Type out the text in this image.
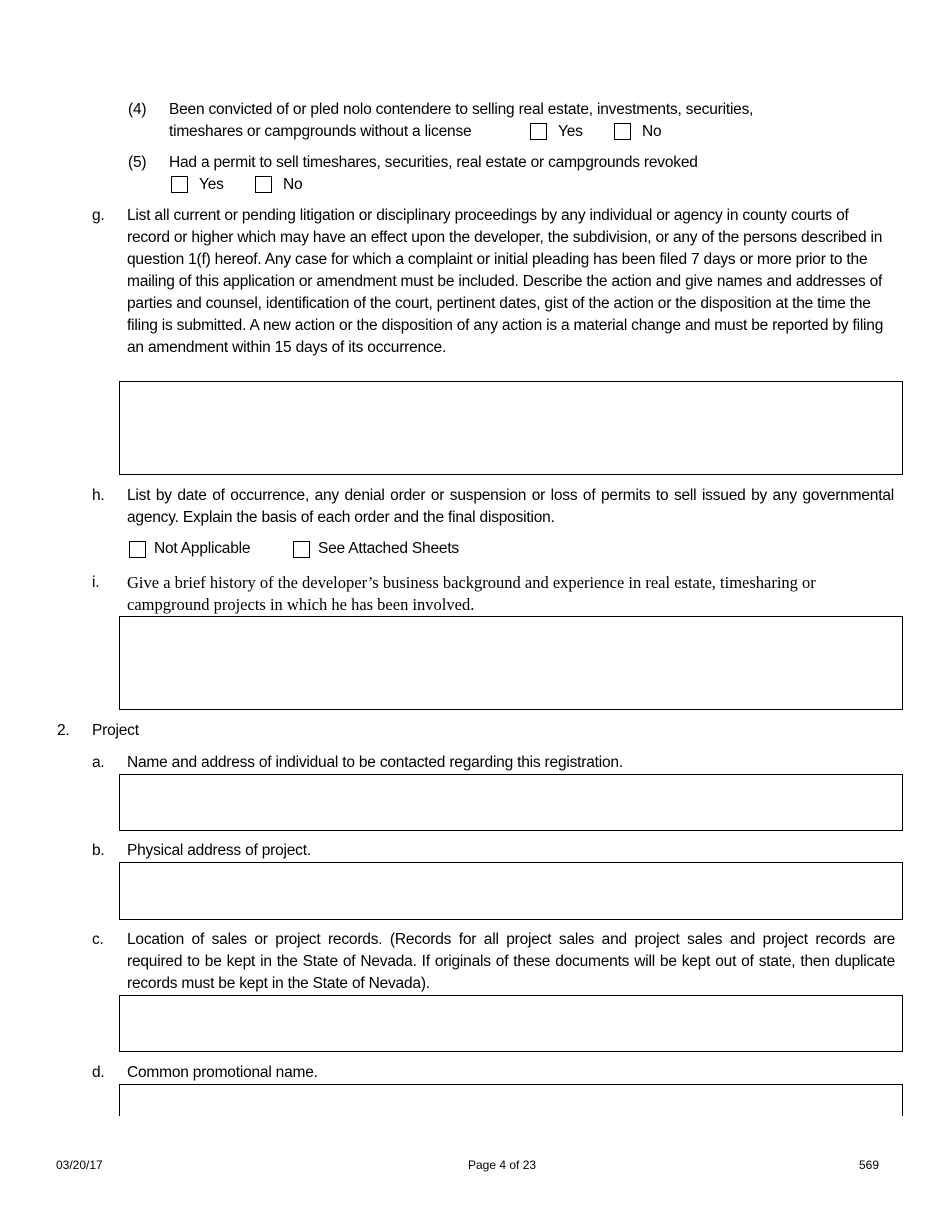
(4) Been convicted of or pled nolo contendere to selling real estate, investments, securities,
timeshares or campgrounds without a license	Yes	No
(5) Had a permit to sell timeshares, securities, real estate or campgrounds revoked
Yes	No
g. List all current or pending litigation or disciplinary proceedings by any individual or agency in county courts of record or higher which may have an effect upon the developer, the subdivision, or any of the persons described in question 1(f) hereof. Any case for which a complaint or initial pleading has been filed 7 days or more prior to the mailing of this application or amendment must be included. Describe the action and give names and addresses of parties and counsel, identification of the court, pertinent dates, gist of the action or the disposition at the time the filing is submitted. A new action or the disposition of any action is a material change and must be reported by filing an amendment within 15 days of its occurrence.
h. List by date of occurrence, any denial order or suspension or loss of permits to sell issued by any governmental agency. Explain the basis of each order and the final disposition.
Not Applicable	See Attached Sheets
i. Give a brief history of the developer’s business background and experience in real estate, timesharing or campground projects in which he has been involved.
2. Project
a. Name and address of individual to be contacted regarding this registration.
b. Physical address of project.
c. Location of sales or project records. (Records for all project sales and project sales and project records are required to be kept in the State of Nevada. If originals of these documents will be kept out of state, then duplicate records must be kept in the State of Nevada).
d. Common promotional name.
03/20/17	Page 4 of 23	569
